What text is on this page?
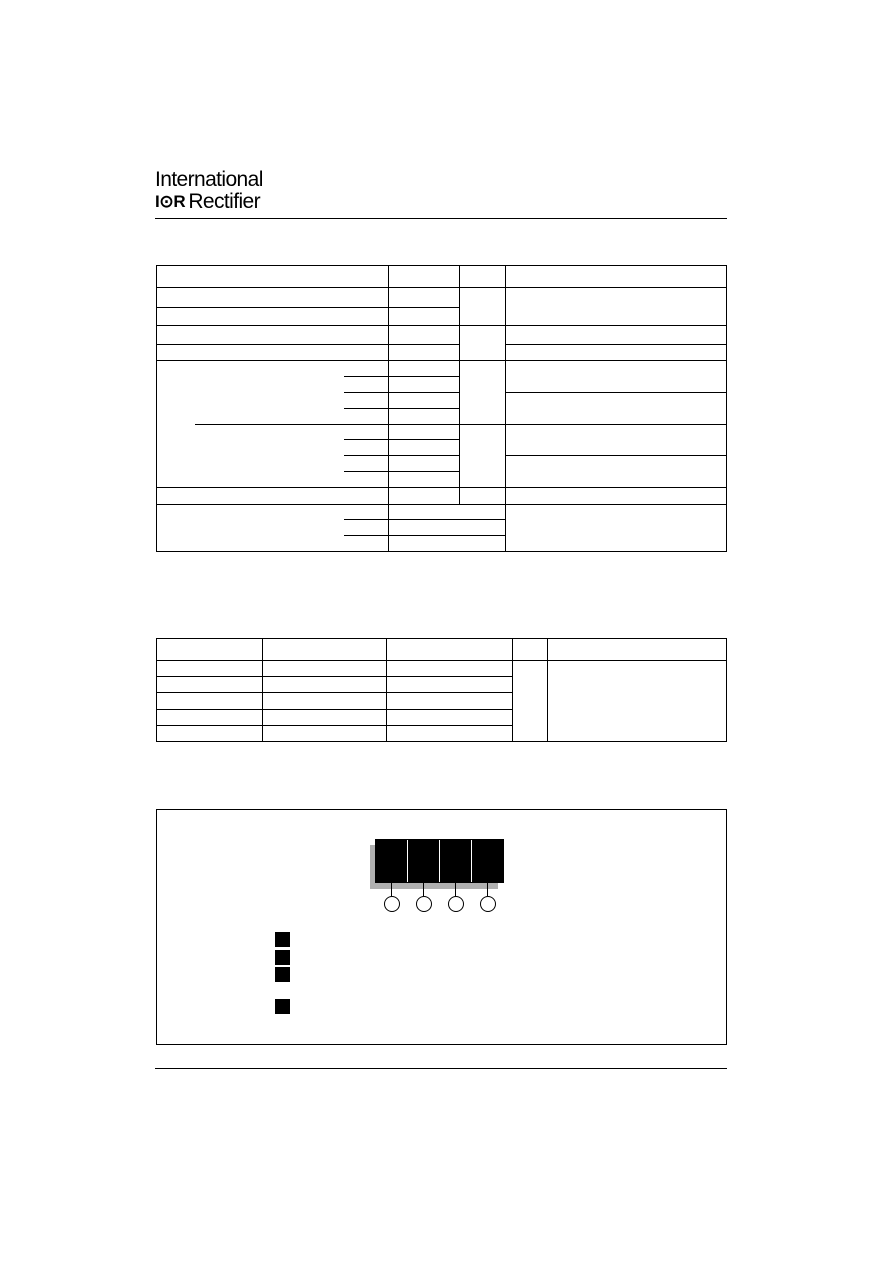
International
I⊙R Rectifier
